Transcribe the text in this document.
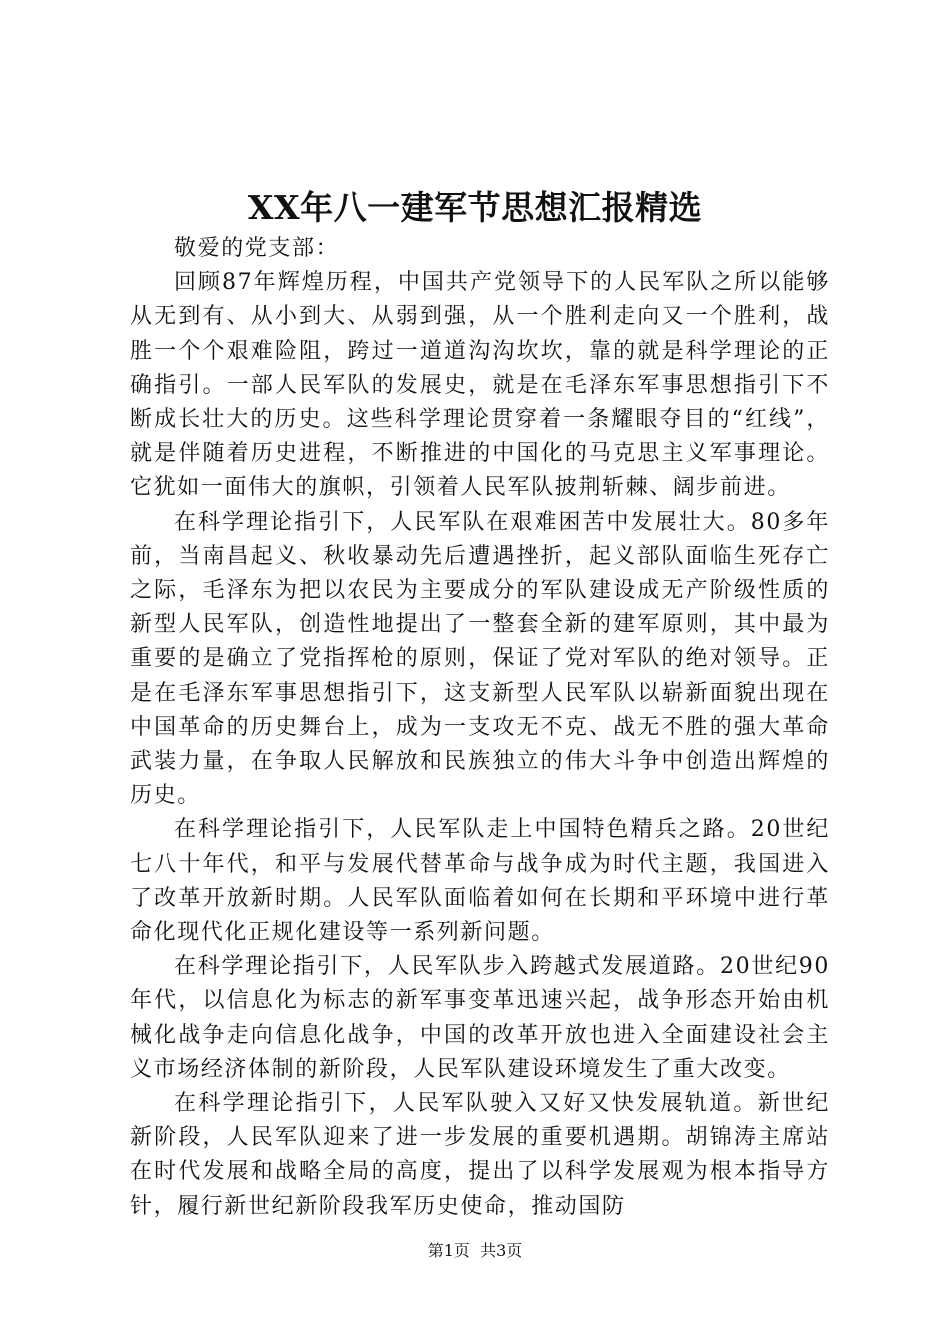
XX年八一建军节思想汇报精选

敬爱的党支部：

回顾87年辉煌历程，中国共产党领导下的人民军队之所以能够从无到有、从小到大、从弱到强，从一个胜利走向又一个胜利，战胜一个个艰难险阻，跨过一道道沟沟坎坎，靠的就是科学理论的正确指引。一部人民军队的发展史，就是在毛泽东军事思想指引下不断成长壮大的历史。这些科学理论贯穿着一条耀眼夺目的“红线”，就是伴随着历史进程，不断推进的中国化的马克思主义军事理论。它犹如一面伟大的旗帜，引领着人民军队披荆斩棘、阔步前进。

在科学理论指引下，人民军队在艰难困苦中发展壮大。80多年前，当南昌起义、秋收暴动先后遭遇挫折，起义部队面临生死存亡之际，毛泽东为把以农民为主要成分的军队建设成无产阶级性质的新型人民军队，创造性地提出了一整套全新的建军原则，其中最为重要的是确立了党指挥枪的原则，保证了党对军队的绝对领导。正是在毛泽东军事思想指引下，这支新型人民军队以崭新面貌出现在中国革命的历史舞台上，成为一支攻无不克、战无不胜的强大革命武装力量，在争取人民解放和民族独立的伟大斗争中创造出辉煌的历史。

在科学理论指引下，人民军队走上中国特色精兵之路。20世纪七八十年代，和平与发展代替革命与战争成为时代主题，我国进入了改革开放新时期。人民军队面临着如何在长期和平环境中进行革命化现代化正规化建设等一系列新问题。

在科学理论指引下，人民军队步入跨越式发展道路。20世纪90年代，以信息化为标志的新军事变革迅速兴起，战争形态开始由机械化战争走向信息化战争，中国的改革开放也进入全面建设社会主义市场经济体制的新阶段，人民军队建设环境发生了重大改变。

在科学理论指引下，人民军队驶入又好又快发展轨道。新世纪新阶段，人民军队迎来了进一步发展的重要机遇期。胡锦涛主席站在时代发展和战略全局的高度，提出了以科学发展观为根本指导方针，履行新世纪新阶段我军历史使命，推动国防

第1页  共3页
